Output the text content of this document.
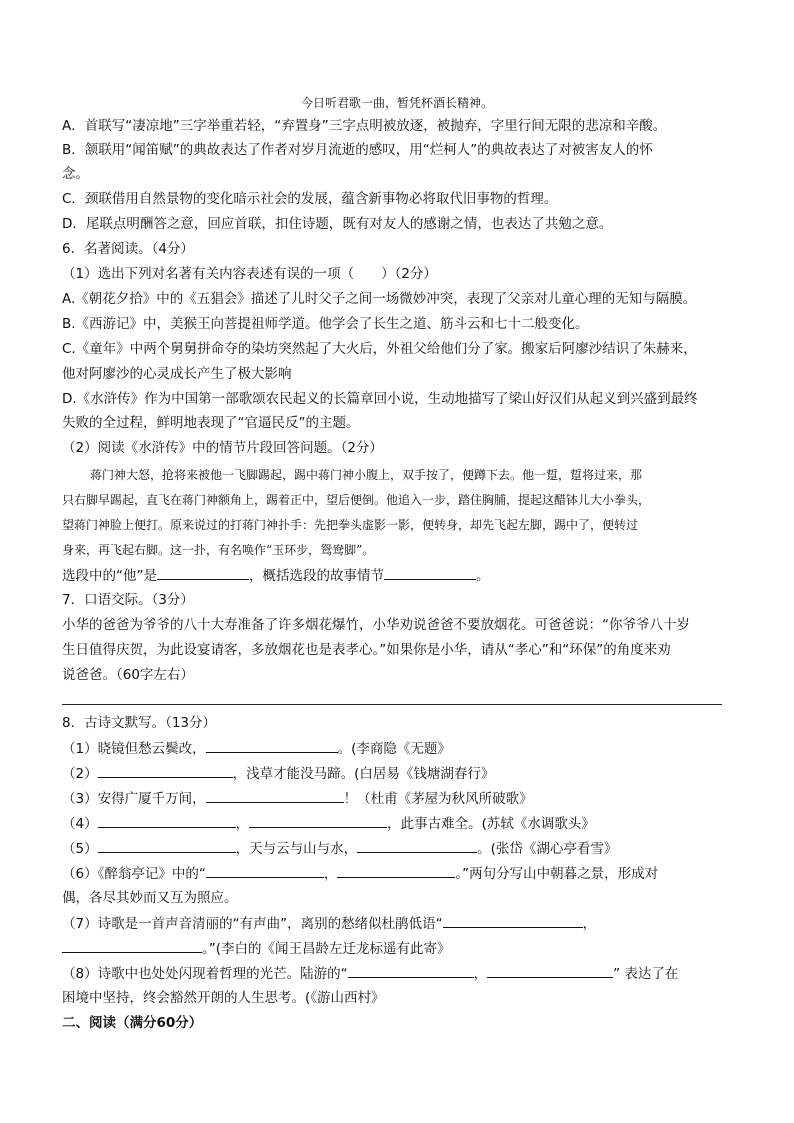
今日听君歌一曲，暂凭杯酒长精神。
A．首联写“凄凉地”三字举重若轻，“弃置身”三字点明被放逐，被抛弃，字里行间无限的悲凉和辛酸。
B．颔联用“闻笛赋”的典故表达了作者对岁月流逝的感叹，用“烂柯人”的典故表达了对被害友人的怀
念。
C．颈联借用自然景物的变化暗示社会的发展，蕴含新事物必将取代旧事物的哲理。
D．尾联点明酬答之意，回应首联，扣住诗题，既有对友人的感谢之情，也表达了共勉之意。
6．名著阅读。（4分）
（1）选出下列对名著有关内容表述有误的一项（　　）（2分）
A.《朝花夕拾》中的《五猖会》描述了儿时父子之间一场微妙冲突，表现了父亲对儿童心理的无知与隔膜。
B.《西游记》中，美猴王向菩提祖师学道。他学会了长生之道、筋斗云和七十二般变化。
C.《童年》中两个舅舅拼命夺的染坊突然起了大火后，外祖父给他们分了家。搬家后阿廖沙结识了朱赫来，
他对阿廖沙的心灵成长产生了极大影响
D.《水浒传》作为中国第一部歌颂农民起义的长篇章回小说，生动地描写了梁山好汉们从起义到兴盛到最终
失败的全过程，鲜明地表现了“官逼民反”的主题。
（2）阅读《水浒传》中的情节片段回答问题。（2分）
蒋门神大怒，抢将来被他一飞脚踢起，踢中蒋门神小腹上，双手按了，便蹲下去。他一踅，踅将过来，那
只右脚早踢起，直飞在蒋门神额角上，踢着正中，望后便倒。他追入一步，踏住胸脯，提起这醋钵儿大小拳头，
望蒋门神脸上便打。原来说过的打蒋门神扑手：先把拳头虚影一影，便转身，却先飞起左脚，踢中了，便转过
身来，再飞起右脚。这一扑，有名唤作“玉环步，鸳鸯脚”。
选段中的“他”是	，概括选段的故事情节	。
7．口语交际。（3分）
小华的爸爸为爷爷的八十大寿准备了许多烟花爆竹，小华劝说爸爸不要放烟花。可爸爸说：“你爷爷八十岁
生日值得庆贺，为此设宴请客，多放烟花也是表孝心。”如果你是小华，请从“孝心”和“环保”的角度来劝
说爸爸。（60字左右）
8．古诗文默写。（13分）
（1）晓镜但愁云鬓改，	。(李商隐《无题》
（2）	，浅草才能没马蹄。(白居易《钱塘湖春行》
（3）安得广厦千万间，	！（杜甫《茅屋为秋风所破歌》
（4）	，	，此事古难全。(苏轼《水调歌头》
（5）	，天与云与山与水，	。(张岱《湖心亭看雪》
（6）《醉翁亭记》中的“	，	。”两句分写山中朝暮之景，形成对
偶，各尽其妙而又互为照应。
（7）诗歌是一首声音清丽的“有声曲”，离别的愁绪似杜鹃低语“	，
。”(李白的《闻王昌龄左迁龙标遥有此寄》
（8）诗歌中也处处闪现着哲理的光芒。陆游的“	，	” 表达了在
困境中坚持，终会豁然开朗的人生思考。(《游山西村》
二、阅读（满分60分）
